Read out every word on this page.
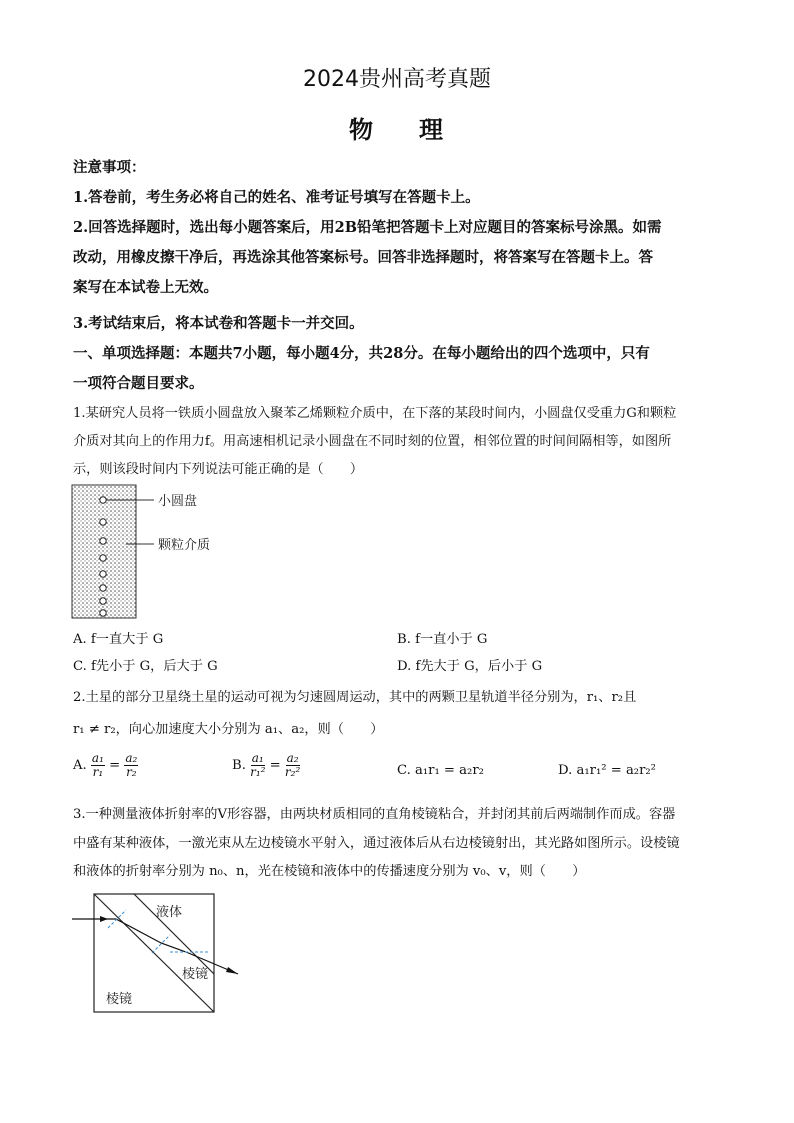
2024贵州高考真题
物 理
注意事项：
1.答卷前，考生务必将自己的姓名、准考证号填写在答题卡上。
2.回答选择题时，选出每小题答案后，用2B铅笔把答题卡上对应题目的答案标号涂黑。如需
改动，用橡皮擦干净后，再选涂其他答案标号。回答非选择题时，将答案写在答题卡上。答
案写在本试卷上无效。
3.考试结束后，将本试卷和答题卡一并交回。
一、单项选择题：本题共7小题，每小题4分，共28分。在每小题给出的四个选项中，只有
一项符合题目要求。
1.某研究人员将一铁质小圆盘放入聚苯乙烯颗粒介质中，在下落的某段时间内，小圆盘仅受重力G和颗粒
介质对其向上的作用力f。用高速相机记录小圆盘在不同时刻的位置，相邻位置的时间间隔相等，如图所
示，则该段时间内下列说法可能正确的是（　　）
小圆盘
颗粒介质
A. f一直大于 G	B. f一直小于 G
C. f先小于 G，后大于 G	D. f先大于 G，后小于 G
2.土星的部分卫星绕土星的运动可视为匀速圆周运动，其中的两颗卫星轨道半径分别为，r₁、r₂且
r₁ ≠ r₂，向心加速度大小分别为 a₁、a₂，则（　　）
A. $\frac{\text{a₁}}{\text{r₁}} = \frac{\text{a₂}}{\text{r₂}}$	B. $\frac{\text{a₁}}{\text{r₁²}} = \frac{\text{a₂}}{\text{r₂²}}$	C. a₁r₁ = a₂r₂	D. a₁r₁² = a₂r₂²
3.一种测量液体折射率的V形容器，由两块材质相同的直角棱镜粘合，并封闭其前后两端制作而成。容器
中盛有某种液体，一激光束从左边棱镜水平射入，通过液体后从右边棱镜射出，其光路如图所示。设棱镜
和液体的折射率分别为 n₀、n，光在棱镜和液体中的传播速度分别为 v₀、v，则（　　）
液体
棱镜
棱镜
